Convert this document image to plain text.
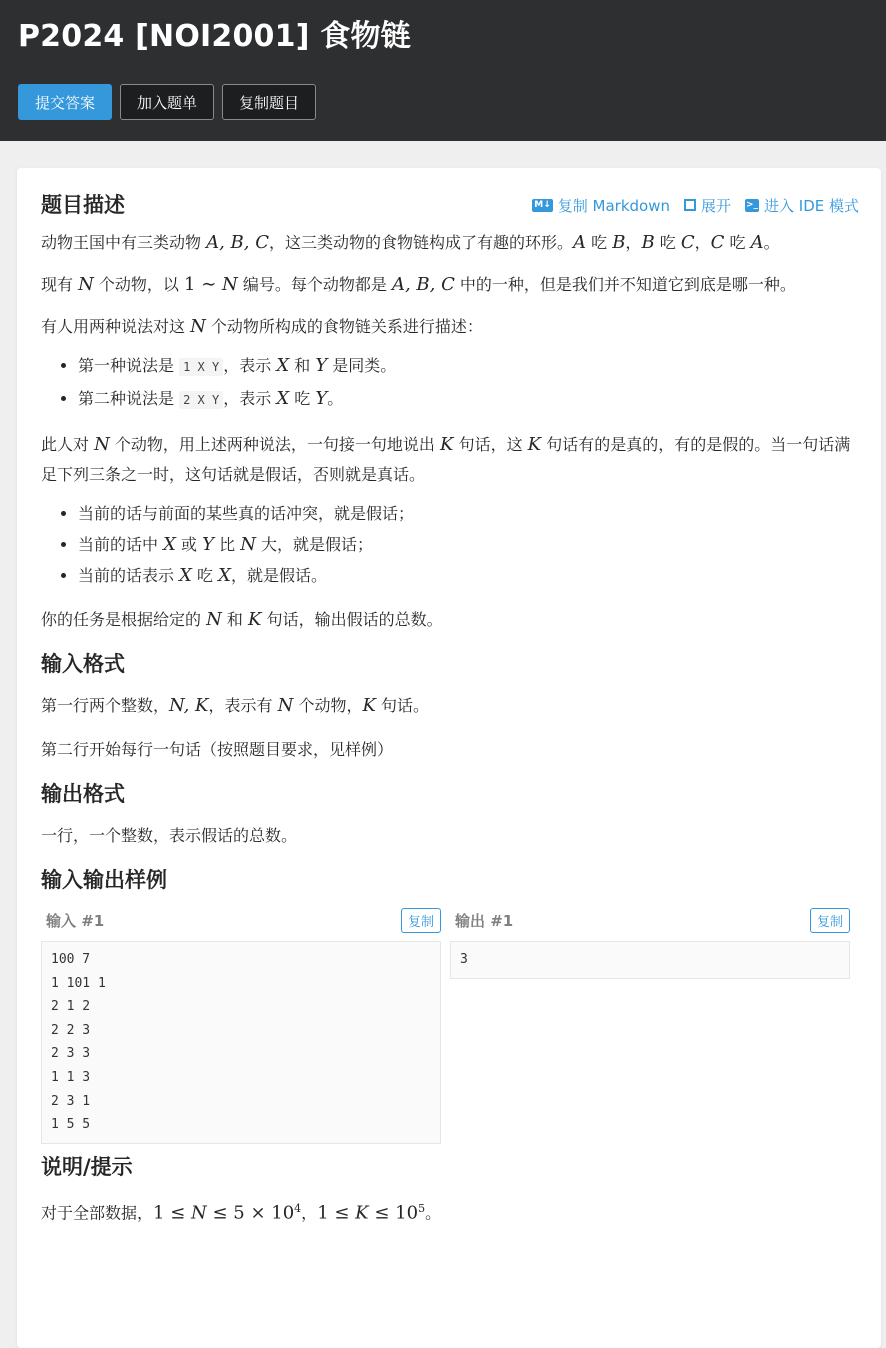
P2024 [NOI2001] 食物链
提交答案	加入题单	复制题目
题目描述	M↓ 复制 Markdown 展开 >_ 进入 IDE 模式

动物王国中有三类动物 A, B, C，这三类动物的食物链构成了有趣的环形。A 吃 B，B 吃 C，C 吃 A。

现有 N 个动物，以 1 ∼ N 编号。每个动物都是 A, B, C 中的一种，但是我们并不知道它到底是哪一种。

有人用两种说法对这 N 个动物所构成的食物链关系进行描述：

• 第一种说法是 1 X Y ，表示 X 和 Y 是同类。
• 第二种说法是 2 X Y ，表示 X 吃 Y。

此人对 N 个动物，用上述两种说法，一句接一句地说出 K 句话，这 K 句话有的是真的，有的是假的。当一句话满足下列三条之一时，这句话就是假话，否则就是真话。

• 当前的话与前面的某些真的话冲突，就是假话；
• 当前的话中 X 或 Y 比 N 大，就是假话；
• 当前的话表示 X 吃 X，就是假话。

你的任务是根据给定的 N 和 K 句话，输出假话的总数。

输入格式

第一行两个整数，N, K，表示有 N 个动物，K 句话。

第二行开始每行一句话（按照题目要求，见样例）

输出格式

一行，一个整数，表示假话的总数。

输入输出样例
输入 #1	复制
100 7
1 101 1
2 1 2
2 2 3
2 3 3
1 1 3
2 3 1
1 5 5
输出 #1	复制
3
说明/提示

对于全部数据，$1 \le N \le 5 \times 10^4$，$1 \le K \le 10^5$。
